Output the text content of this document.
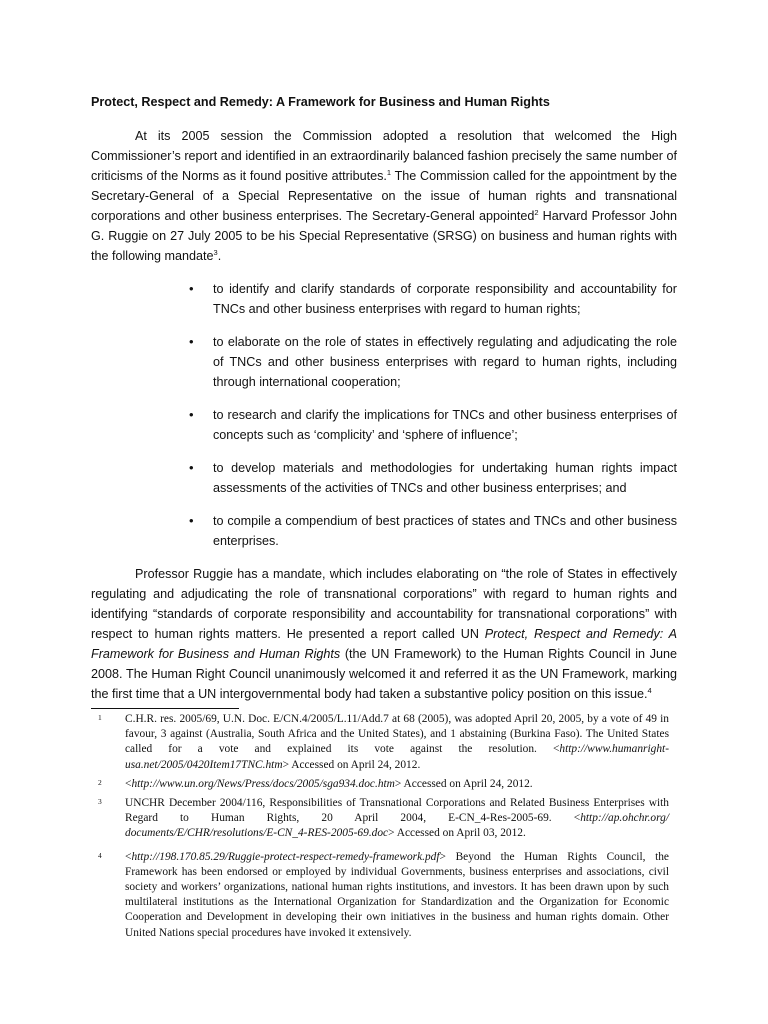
Protect, Respect and Remedy: A Framework for Business and Human Rights

At its 2005 session the Commission adopted a resolution that welcomed the High Commissioner’s report and identified in an extraordinarily balanced fashion precisely the same number of criticisms of the Norms as it found positive attributes.$^1$ The Commission called for the appointment by the Secretary-General of a Special Representative on the issue of human rights and transnational corporations and other business enterprises. The Secretary-General appointed$^2$ Harvard Professor John G. Ruggie on 27 July 2005 to be his Special Representative (SRSG) on business and human rights with the following mandate$^3$.

• to identify and clarify standards of corporate responsibility and accountability for TNCs and other business enterprises with regard to human rights;
• to elaborate on the role of states in effectively regulating and adjudicating the role of TNCs and other business enterprises with regard to human rights, including through international cooperation;
• to research and clarify the implications for TNCs and other business enterprises of concepts such as ‘complicity’ and ‘sphere of influence’;
• to develop materials and methodologies for undertaking human rights impact assessments of the activities of TNCs and other business enterprises; and
• to compile a compendium of best practices of states and TNCs and other business enterprises.

Professor Ruggie has a mandate, which includes elaborating on “the role of States in effectively regulating and adjudicating the role of transnational corporations” with regard to human rights and identifying “standards of corporate responsibility and accountability for transnational corporations” with respect to human rights matters. He presented a report called UN Protect, Respect and Remedy: A Framework for Business and Human Rights (the UN Framework) to the Human Rights Council in June 2008. The Human Right Council unanimously welcomed it and referred it as the UN Framework, marking the first time that a UN intergovernmental body had taken a substantive policy position on this issue.$^4$

1 C.H.R. res. 2005/69, U.N. Doc. E/CN.4/2005/L.11/Add.7 at 68 (2005), was adopted April 20, 2005, by a vote of 49 in favour, 3 against (Australia, South Africa and the United States), and 1 abstaining (Burkina Faso). The United States called for a vote and explained its vote against the resolution. <http://www.humanright-usa.net/2005/0420Item17TNC.htm> Accessed on April 24, 2012.
2 <http://www.un.org/News/Press/docs/2005/sga934.doc.htm> Accessed on April 24, 2012.
3 UNCHR December 2004/116, Responsibilities of Transnational Corporations and Related Business Enterprises with Regard to Human Rights, 20 April 2004, E-CN_4-Res-2005-69. <http://ap.ohchr.org/ documents/E/CHR/resolutions/E-CN_4-RES-2005-69.doc> Accessed on April 03, 2012.
4 <http://198.170.85.29/Ruggie-protect-respect-remedy-framework.pdf> Beyond the Human Rights Council, the Framework has been endorsed or employed by individual Governments, business enterprises and associations, civil society and workers’ organizations, national human rights institutions, and investors. It has been drawn upon by such multilateral institutions as the International Organization for Standardization and the Organization for Economic Cooperation and Development in developing their own initiatives in the business and human rights domain. Other United Nations special procedures have invoked it extensively.
